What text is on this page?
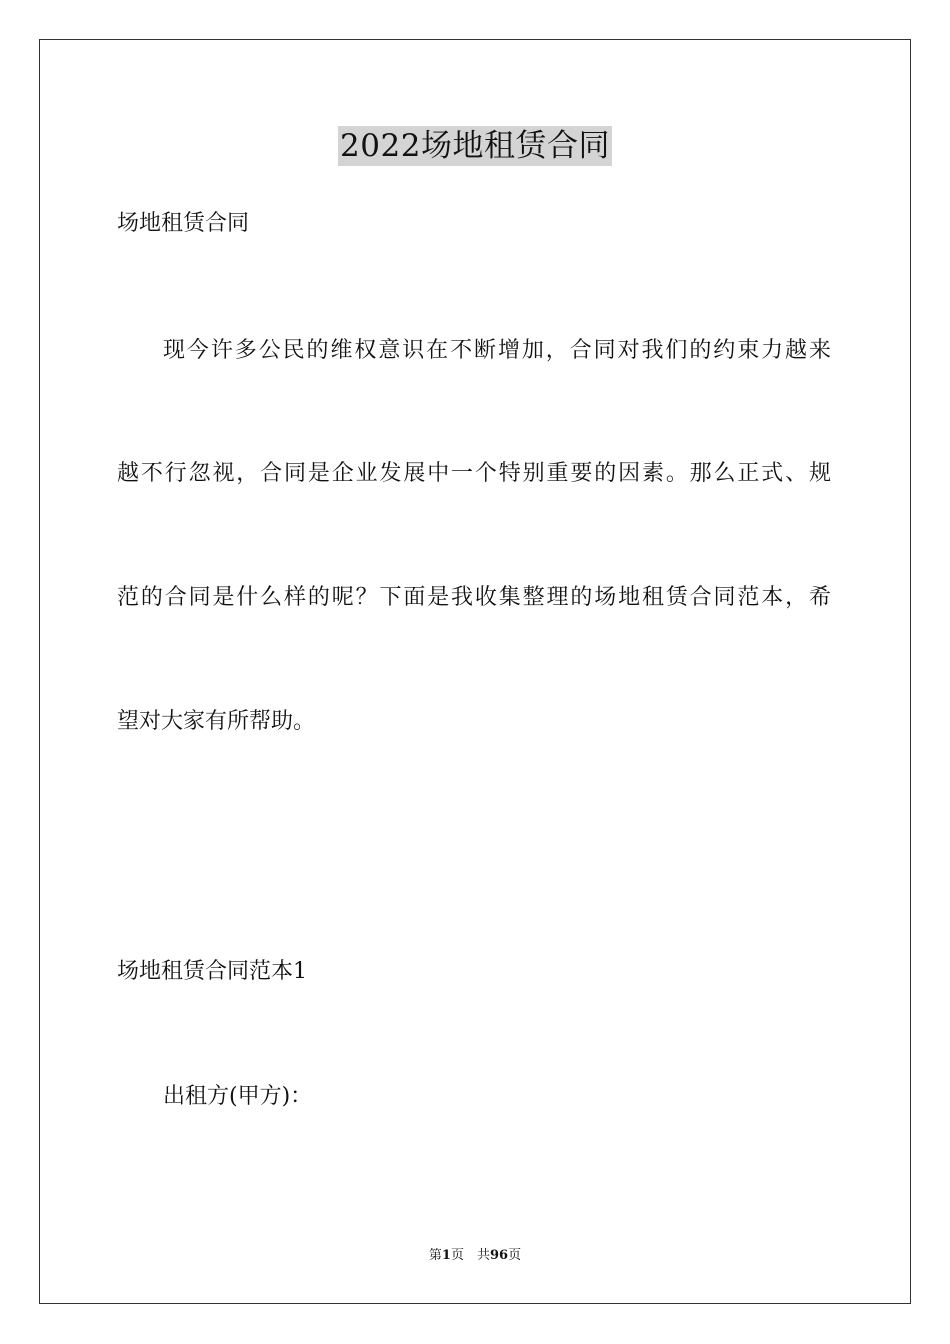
2022场地租赁合同
场地租赁合同
现今许多公民的维权意识在不断增加，合同对我们的约束力越来
越不行忽视，合同是企业发展中一个特别重要的因素。那么正式、规
范的合同是什么样的呢？下面是我收集整理的场地租赁合同范本，希
望对大家有所帮助。
场地租赁合同范本1
出租方(甲方)：
第1页　共96页
